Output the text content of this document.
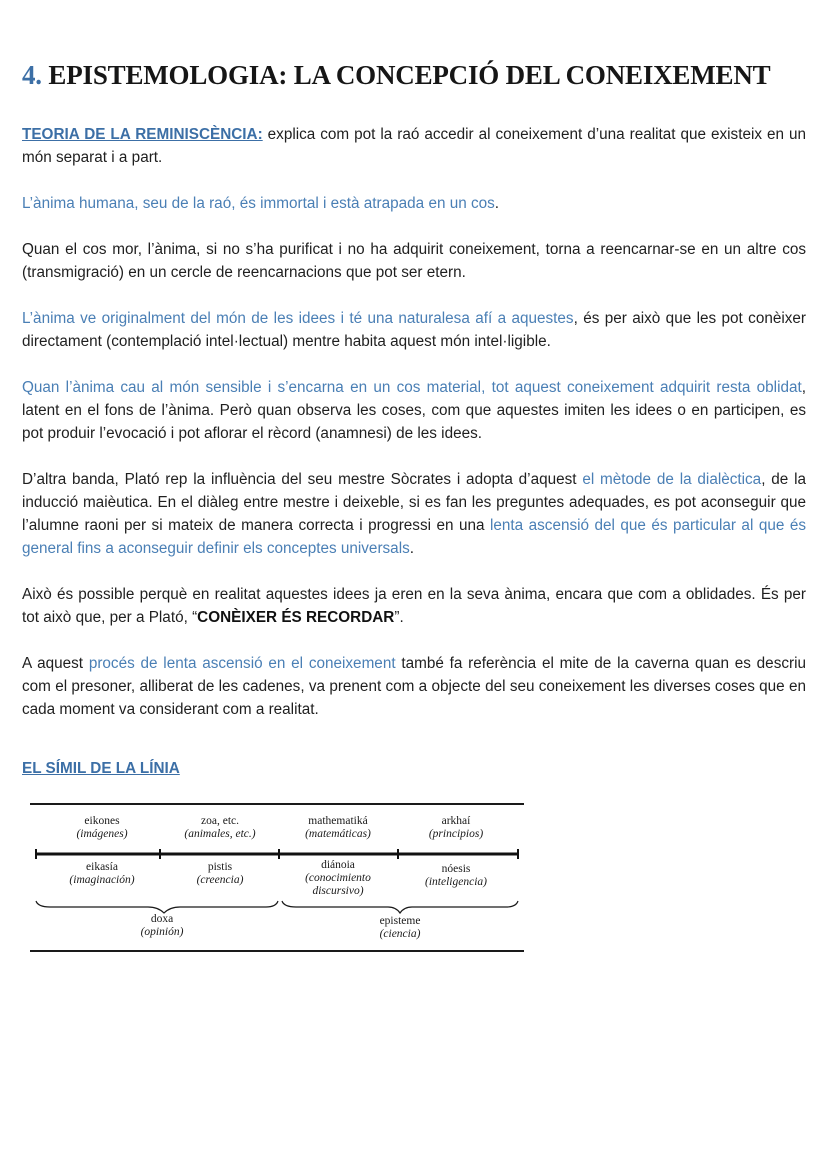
4. EPISTEMOLOGIA: LA CONCEPCIÓ DEL CONEIXEMENT

TEORIA DE LA REMINISCÈNCIA: explica com pot la raó accedir al coneixement d’una realitat que existeix en un món separat i a part.

L’ànima humana, seu de la raó, és immortal i està atrapada en un cos.

Quan el cos mor, l’ànima, si no s’ha purificat i no ha adquirit coneixement, torna a reencarnar-se en un altre cos (transmigració) en un cercle de reencarnacions que pot ser etern.

L’ànima ve originalment del món de les idees i té una naturalesa afí a aquestes, és per això que les pot conèixer directament (contemplació intel·lectual) mentre habita aquest món intel·ligible.

Quan l’ànima cau al món sensible i s’encarna en un cos material, tot aquest coneixement adquirit resta oblidat, latent en el fons de l’ànima. Però quan observa les coses, com que aquestes imiten les idees o en participen, es pot produir l’evocació i pot aflorar el rècord (anamnesi) de les idees.

D’altra banda, Plató rep la influència del seu mestre Sòcrates i adopta d’aquest el mètode de la dialèctica, de la inducció maièutica. En el diàleg entre mestre i deixeble, si es fan les preguntes adequades, es pot aconseguir que l’alumne raoni per si mateix de manera correcta i progressi en una lenta ascensió del que és particular al que és general fins a aconseguir definir els conceptes universals.

Això és possible perquè en realitat aquestes idees ja eren en la seva ànima, encara que com a oblidades. És per tot això que, per a Plató, “CONÈIXER ÉS RECORDAR”.

A aquest procés de lenta ascensió en el coneixement també fa referència el mite de la caverna quan es descriu com el presoner, alliberat de les cadenes, va prenent com a objecte del seu coneixement les diverses coses que en cada moment va considerant com a realitat.

EL SÍMIL DE LA LÍNIA

eikones
(imágenes)
zoa, etc.
(animales, etc.)
mathematiká
(matemáticas)
arkhaí
(principios)
eikasía
(imaginación)
pistis
(creencia)
diánoia
(conocimiento
discursivo)
nóesis
(inteligencia)
doxa
(opinión)
episteme
(ciencia)
